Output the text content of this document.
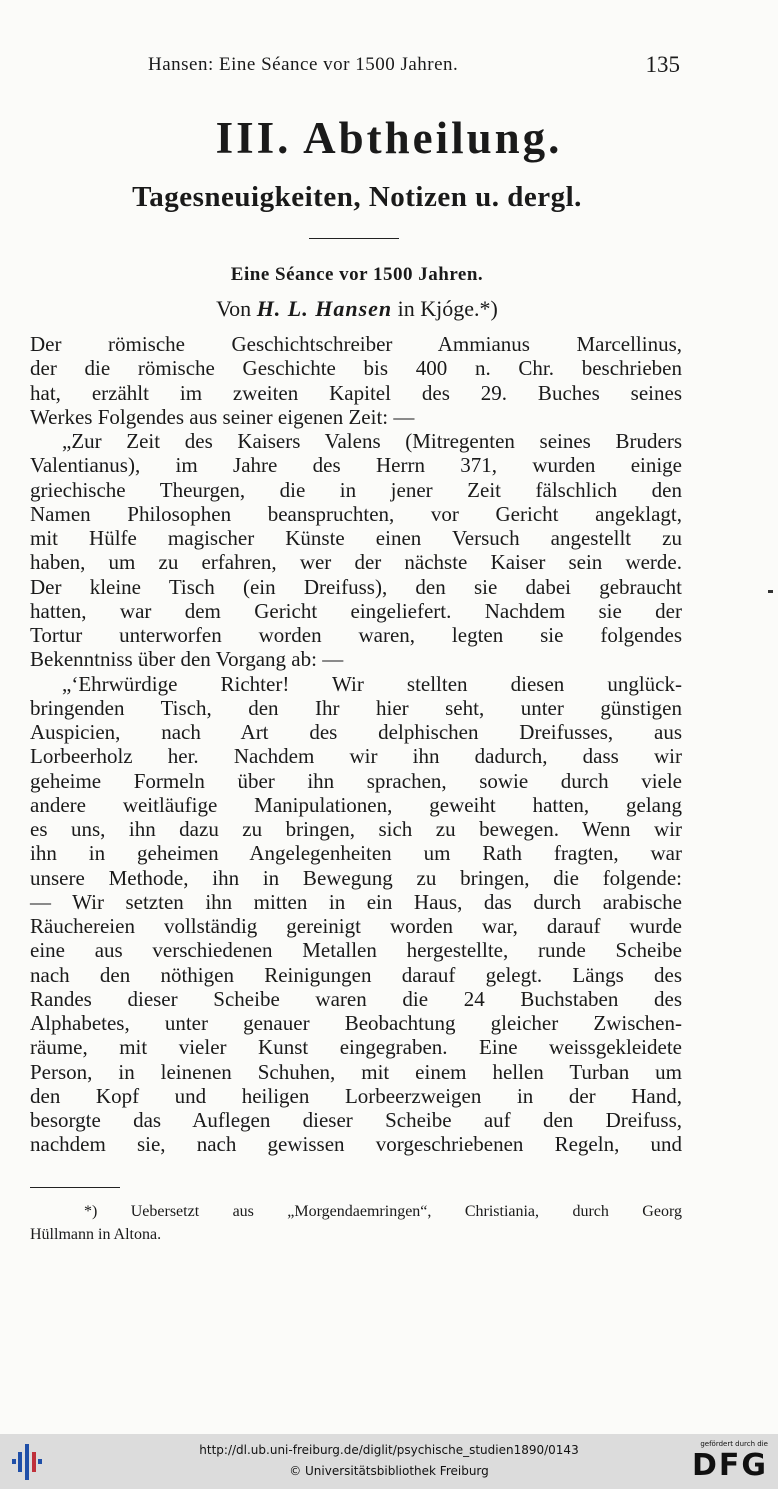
Hansen: Eine Séance vor 1500 Jahren.	135
III. Abtheilung.
Tagesneuigkeiten, Notizen u. dergl.
Eine Séance vor 1500 Jahren.
Von H. L. Hansen in Kjóge.*)
Der römische Geschichtschreiber Ammianus Marcellinus,
der die römische Geschichte bis 400 n. Chr. beschrieben
hat, erzählt im zweiten Kapitel des 29. Buches seines
Werkes Folgendes aus seiner eigenen Zeit: —
„Zur Zeit des Kaisers Valens (Mitregenten seines Bruders
Valentianus), im Jahre des Herrn 371, wurden einige
griechische Theurgen, die in jener Zeit fälschlich den
Namen Philosophen beanspruchten, vor Gericht angeklagt,
mit Hülfe magischer Künste einen Versuch angestellt zu
haben, um zu erfahren, wer der nächste Kaiser sein werde.
Der kleine Tisch (ein Dreifuss), den sie dabei gebraucht
hatten, war dem Gericht eingeliefert. Nachdem sie der
Tortur unterworfen worden waren, legten sie folgendes
Bekenntniss über den Vorgang ab: —
„‘Ehrwürdige Richter! Wir stellten diesen unglück-
bringenden Tisch, den Ihr hier seht, unter günstigen
Auspicien, nach Art des delphischen Dreifusses, aus
Lorbeerholz her. Nachdem wir ihn dadurch, dass wir
geheime Formeln über ihn sprachen, sowie durch viele
andere weitläufige Manipulationen, geweiht hatten, gelang
es uns, ihn dazu zu bringen, sich zu bewegen. Wenn wir
ihn in geheimen Angelegenheiten um Rath fragten, war
unsere Methode, ihn in Bewegung zu bringen, die folgende:
— Wir setzten ihn mitten in ein Haus, das durch arabische
Räuchereien vollständig gereinigt worden war, darauf wurde
eine aus verschiedenen Metallen hergestellte, runde Scheibe
nach den nöthigen Reinigungen darauf gelegt. Längs des
Randes dieser Scheibe waren die 24 Buchstaben des
Alphabetes, unter genauer Beobachtung gleicher Zwischen-
räume, mit vieler Kunst eingegraben. Eine weissgekleidete
Person, in leinenen Schuhen, mit einem hellen Turban um
den Kopf und heiligen Lorbeerzweigen in der Hand,
besorgte das Auflegen dieser Scheibe auf den Dreifuss,
nachdem sie, nach gewissen vorgeschriebenen Regeln, und
*) Uebersetzt aus „Morgendaemringen“, Christiania, durch Georg
Hüllmann in Altona.
http://dl.ub.uni-freiburg.de/diglit/psychische_studien1890/0143
© Universitätsbibliothek Freiburg
gefördert durch die
DFG
